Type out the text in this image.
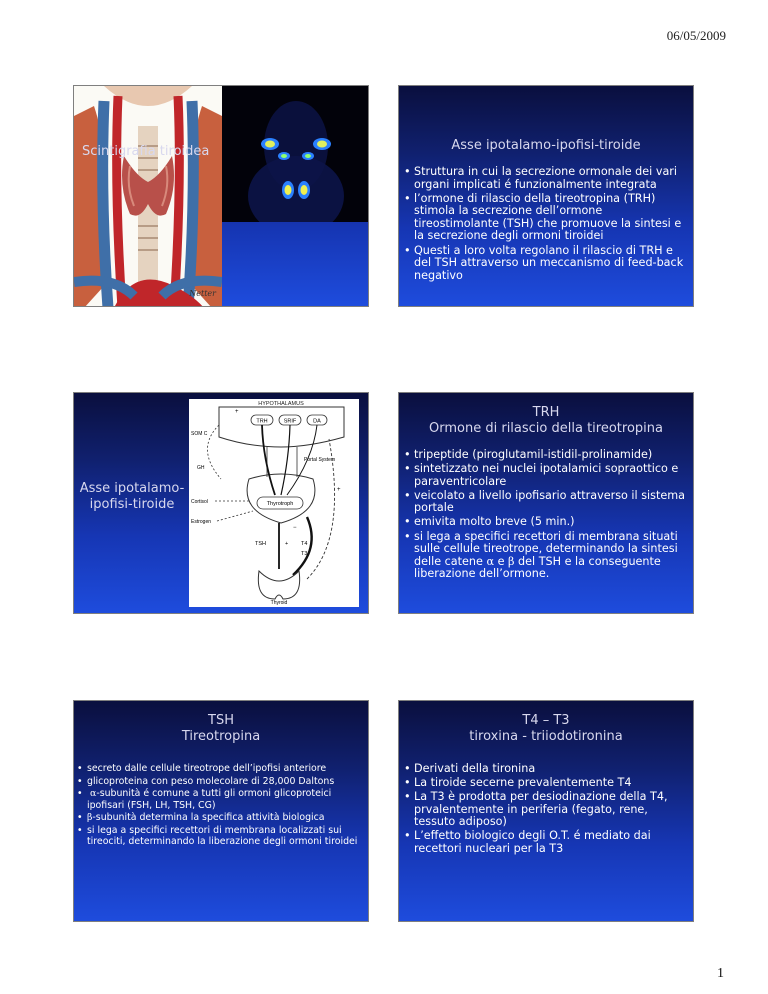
06/05/2009
Netter
Scintigrafia tiroidea	Asse ipotalamo-ipofisi-tiroide
• Struttura in cui la secrezione ormonale dei vari organi implicati é funzionalmente integrata
• l’ormone di rilascio della tireotropina (TRH) stimola la secrezione dell’ormone tireostimolante (TSH) che promuove la sintesi e la secrezione degli ormoni tiroidei
• Questi a loro volta regolano il rilascio di TRH e del TSH attraverso un meccanismo di feed-back negativo
Asse ipotalamo-ipofisi-tiroide
HYPOTHALAMUS
TRH	SRIF	DA
Portal System
Thyrotroph
SOM C
GH
Cortisol
Estrogen
+
+
TSH	+ T4
T3
−
Thyroid
TRH
Ormone di rilascio della tireotropina
• tripeptide (piroglutamil-istidil-prolinamide)
• sintetizzato nei nuclei ipotalamici sopraottico e paraventricolare
• veicolato a livello ipofisario attraverso il sistema portale
• emivita molto breve (5 min.)
• si lega a specifici recettori di membrana situati sulle cellule tireotrope, determinando la sintesi delle catene α e β del TSH e la conseguente liberazione dell’ormone.
TSH
Tireotropina
• secreto dalle cellule tireotrope dell’ipofisi anteriore
• glicoproteina con peso molecolare di 28,000 Daltons
• α-subunità é comune a tutti gli ormoni glicoproteici ipofisari (FSH, LH, TSH, CG)
• β-subunità determina la specifica attività biologica
• si lega a specifici recettori di membrana localizzati sui tireociti, determinando la liberazione degli ormoni tiroidei
T4 – T3
tiroxina - triiodotironina
• Derivati della tironina
• La tiroide secerne prevalentemente T4
• La T3 è prodotta per desiodinazione della T4, prvalentemente in periferia (fegato, rene, tessuto adiposo)
• L’effetto biologico degli O.T. é mediato dai recettori nucleari per la T3
1
